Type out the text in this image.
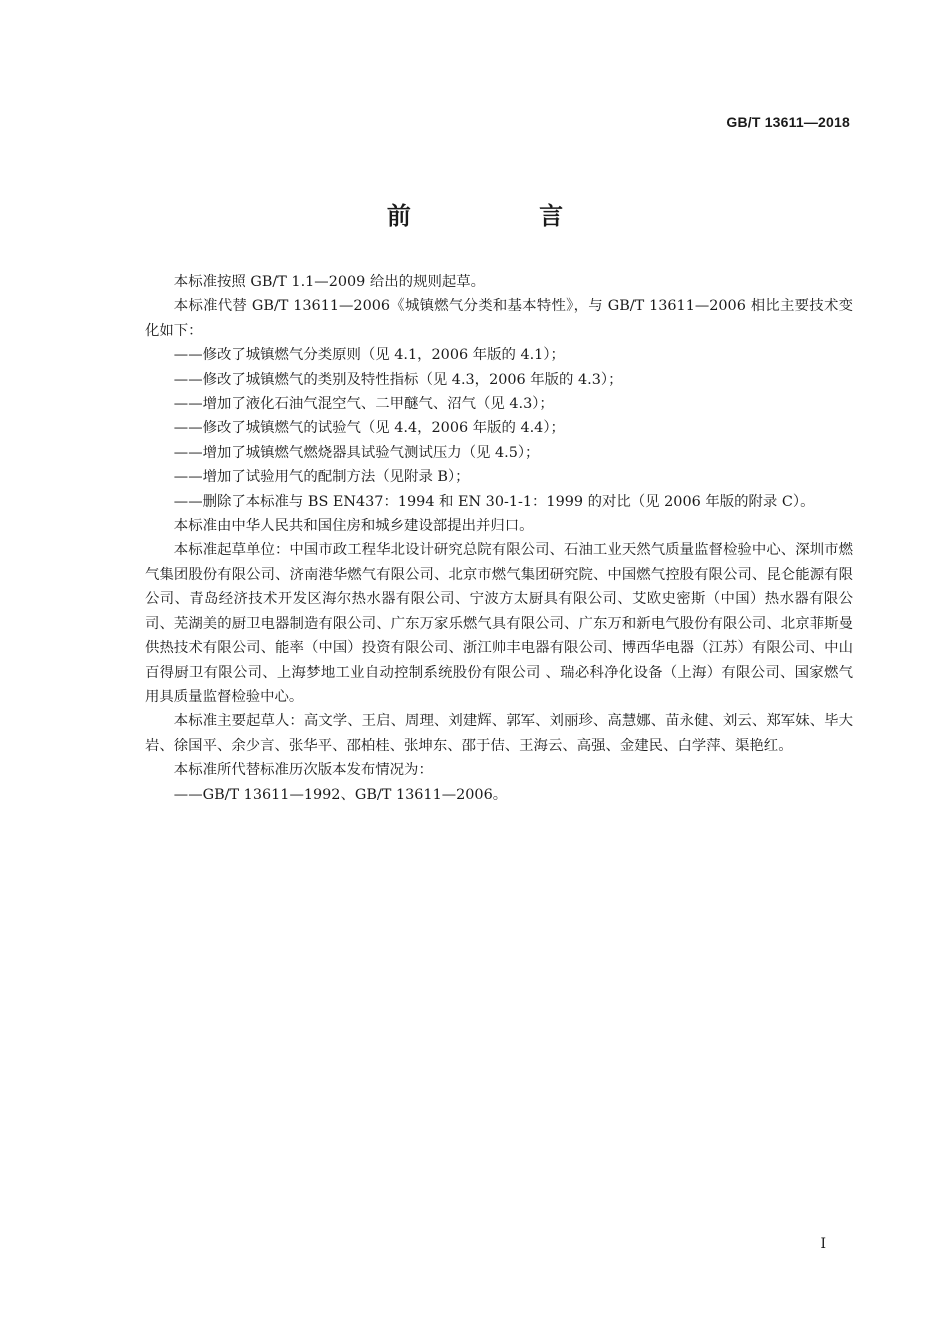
GB/T 13611—2018
前 言

本标准按照 GB/T 1.1—2009 给出的规则起草。

本标准代替 GB/T 13611—2006《城镇燃气分类和基本特性》，与 GB/T 13611—2006 相比主要技术变化如下：

——修改了城镇燃气分类原则（见 4.1，2006 年版的 4.1）；

——修改了城镇燃气的类别及特性指标（见 4.3，2006 年版的 4.3）；

——增加了液化石油气混空气、二甲醚气、沼气（见 4.3）；

——修改了城镇燃气的试验气（见 4.4，2006 年版的 4.4）；

——增加了城镇燃气燃烧器具试验气测试压力（见 4.5）；

——增加了试验用气的配制方法（见附录 B）；

——删除了本标准与 BS EN437：1994 和 EN 30-1-1：1999 的对比（见 2006 年版的附录 C）。

本标准由中华人民共和国住房和城乡建设部提出并归口。

本标准起草单位：中国市政工程华北设计研究总院有限公司、石油工业天然气质量监督检验中心、深圳市燃气集团股份有限公司、济南港华燃气有限公司、北京市燃气集团研究院、中国燃气控股有限公司、昆仑能源有限公司、青岛经济技术开发区海尔热水器有限公司、宁波方太厨具有限公司、艾欧史密斯（中国）热水器有限公司、芜湖美的厨卫电器制造有限公司、广东万家乐燃气具有限公司、广东万和新电气股份有限公司、北京菲斯曼供热技术有限公司、能率（中国）投资有限公司、浙江帅丰电器有限公司、博西华电器（江苏）有限公司、中山百得厨卫有限公司、上海梦地工业自动控制系统股份有限公司 、瑞必科净化设备（上海）有限公司、国家燃气用具质量监督检验中心。

本标准主要起草人：高文学、王启、周理、刘建辉、郭军、刘丽珍、高慧娜、苗永健、刘云、郑军妹、毕大岩、徐国平、余少言、张华平、邵柏桂、张坤东、邵于佶、王海云、高强、金建民、白学萍、渠艳红。

本标准所代替标准历次版本发布情况为：

——GB/T 13611—1992、GB/T 13611—2006。

I
